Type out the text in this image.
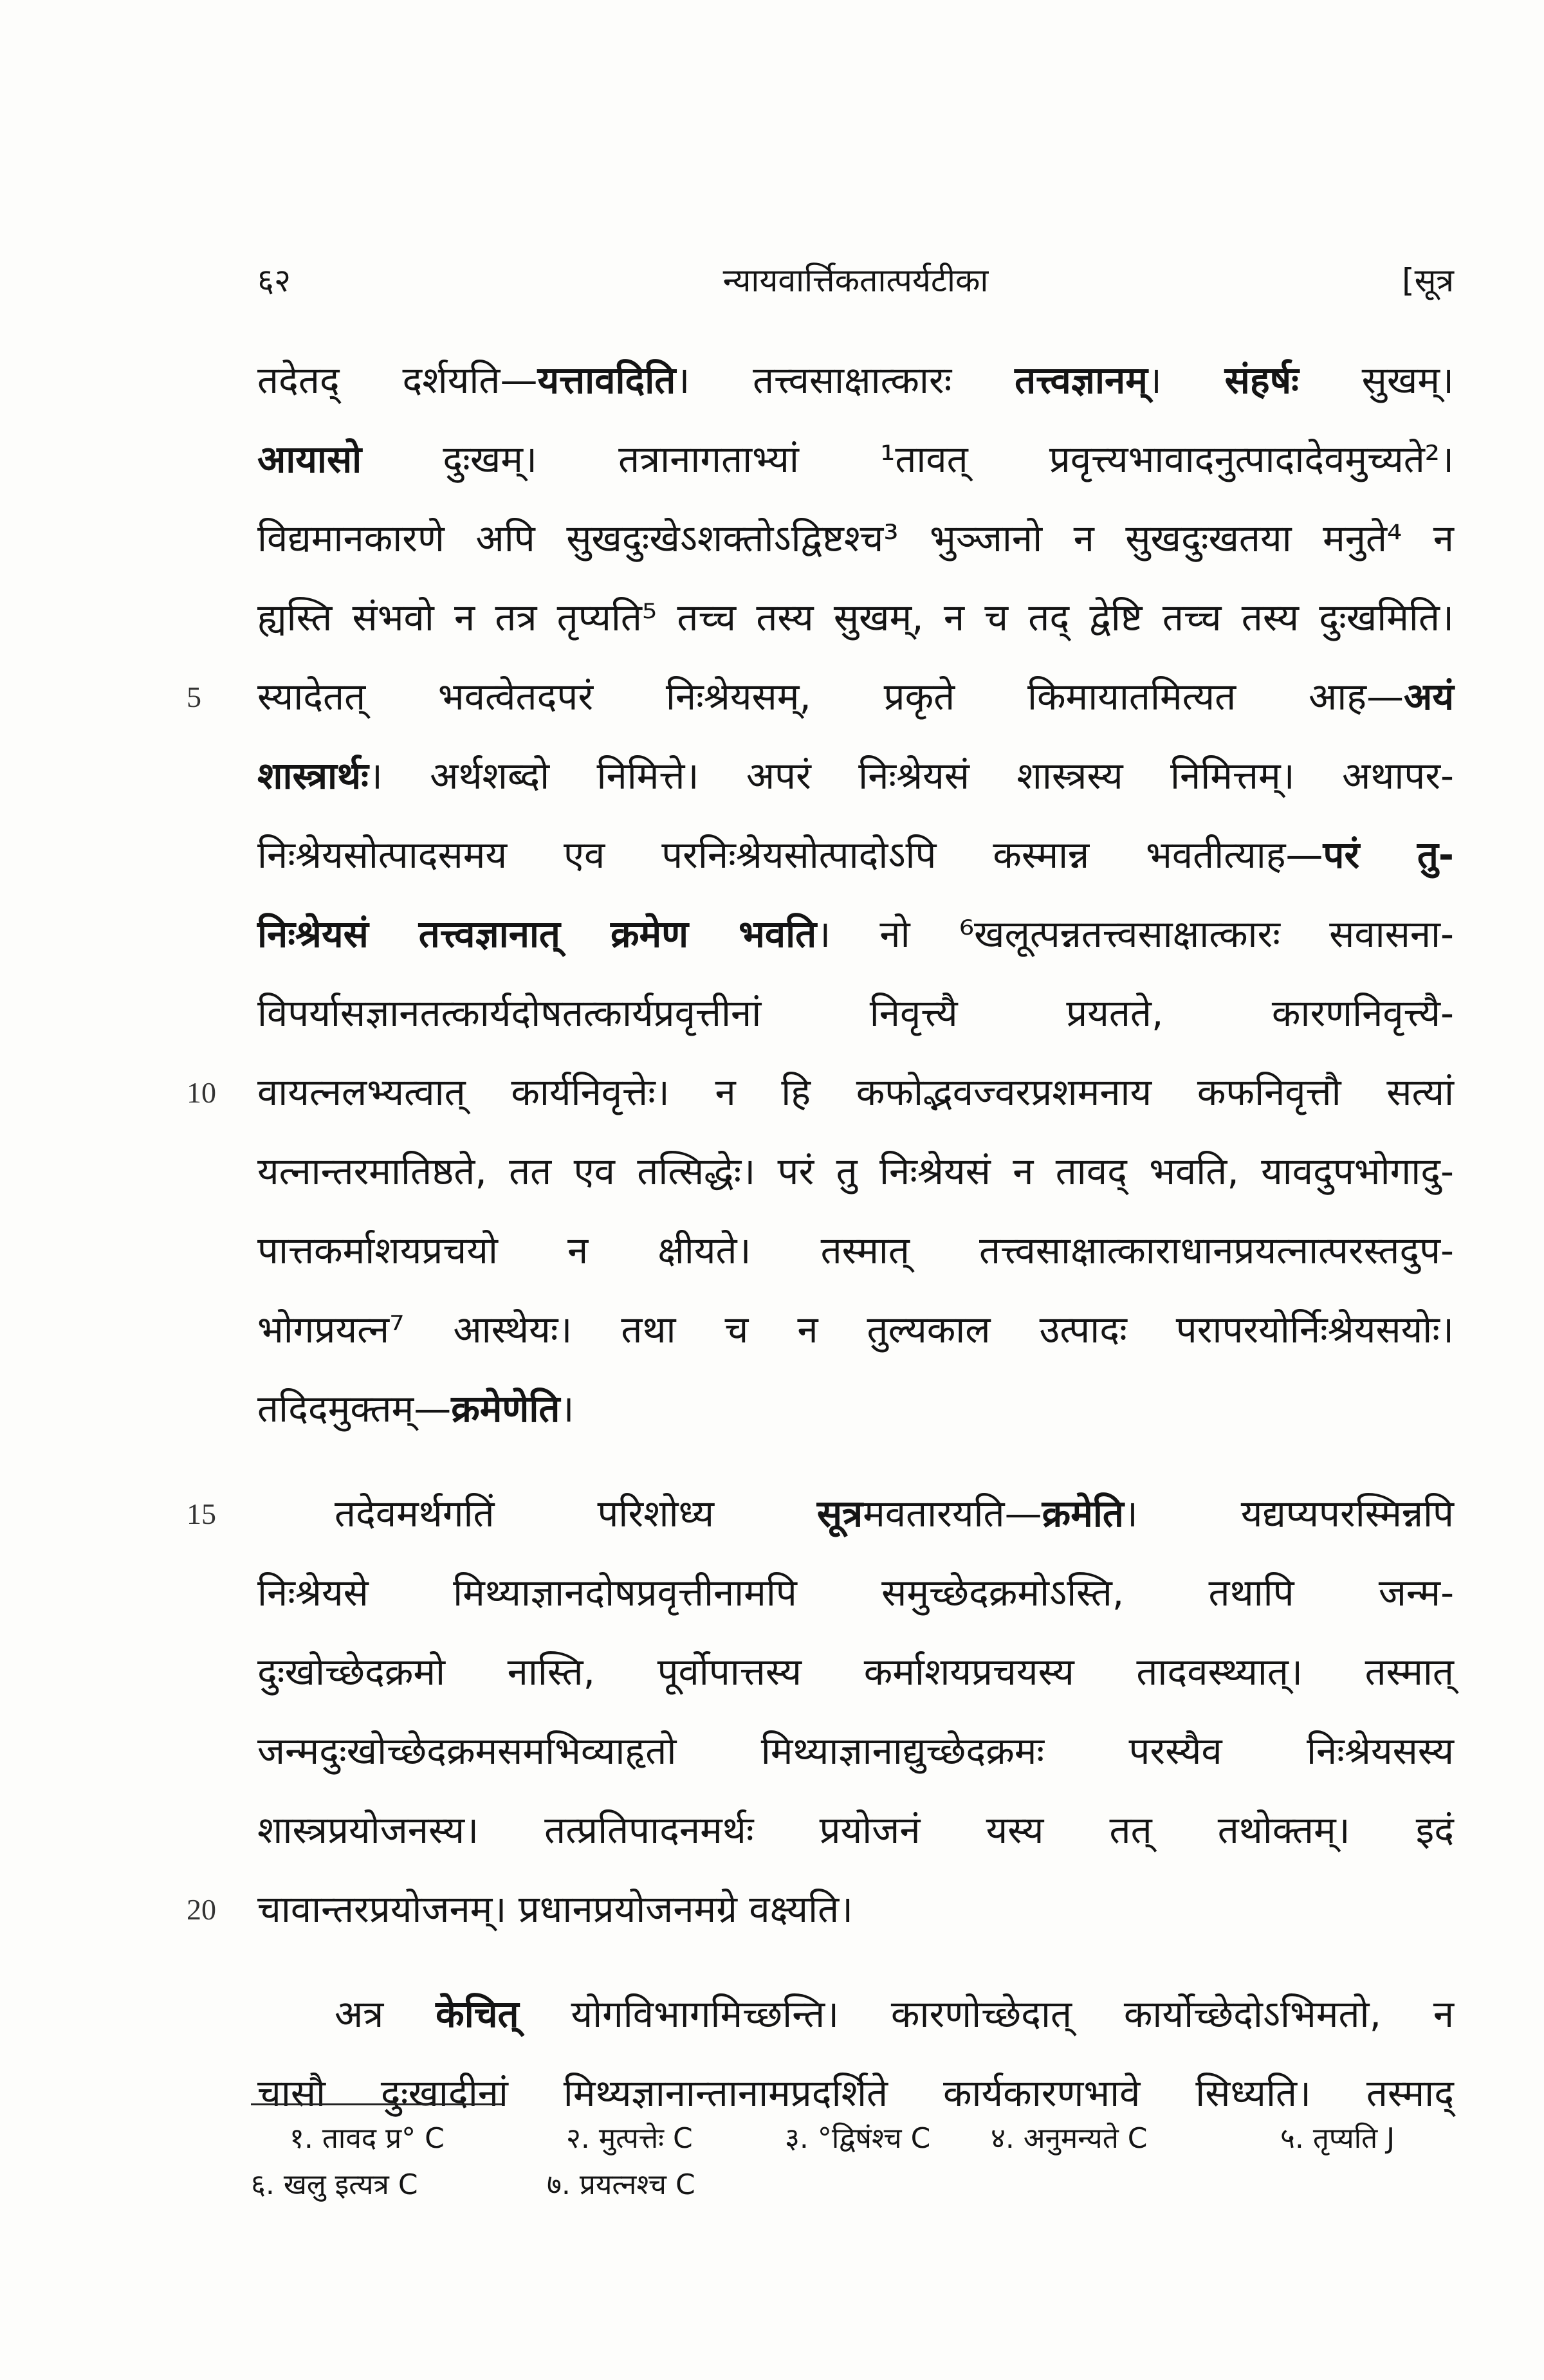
६२	न्यायवार्त्तिकतात्पर्यटीका	[सूत्र
तदेतद् दर्शयति—यत्तावदिति। तत्त्वसाक्षात्कारः तत्त्वज्ञानम्। संहर्षः सुखम्।
आयासो दुःखम्। तत्रानागताभ्यां ¹तावत् प्रवृत्त्यभावादनुत्पादादेवमुच्यते²।
विद्यमानकारणे अपि सुखदुःखेऽशक्तोऽद्विष्टश्च³ भुञ्जानो न सुखदुःखतया मनुते⁴ न
ह्यस्ति संभवो न तत्र तृप्यति⁵ तच्च तस्य सुखम्, न च तद् द्वेष्टि तच्च तस्य दुःखमिति।
5 स्यादेतत् भवत्वेतदपरं निःश्रेयसम्, प्रकृते किमायातमित्यत आह—अयं
शास्त्रार्थः। अर्थशब्दो निमित्ते। अपरं निःश्रेयसं शास्त्रस्य निमित्तम्। अथापर-
निःश्रेयसोत्पादसमय एव परनिःश्रेयसोत्पादोऽपि कस्मान्न भवतीत्याह—परं तु-
निःश्रेयसं तत्त्वज्ञानात् क्रमेण भवति। नो ⁶खलूत्पन्नतत्त्वसाक्षात्कारः सवासना-
विपर्यासज्ञानतत्कार्यदोषतत्कार्यप्रवृत्तीनां निवृत्त्यै प्रयतते, कारणनिवृत्त्यै-
10 वायत्नलभ्यत्वात् कार्यनिवृत्तेः। न हि कफोद्भवज्वरप्रशमनाय कफनिवृत्तौ सत्यां
यत्नान्तरमातिष्ठते, तत एव तत्सिद्धेः। परं तु निःश्रेयसं न तावद् भवति, यावदुपभोगादु-
पात्तकर्माशयप्रचयो न क्षीयते। तस्मात् तत्त्वसाक्षात्काराधानप्रयत्नात्परस्तदुप-
भोगप्रयत्न⁷ आस्थेयः। तथा च न तुल्यकाल उत्पादः परापरयोर्निःश्रेयसयोः।
तदिदमुक्तम्—क्रमेणेति।
15	तदेवमर्थगतिं परिशोध्य सूत्रमवतारयति—क्रमेति। यद्यप्यपरस्मिन्नपि
निःश्रेयसे मिथ्याज्ञानदोषप्रवृत्तीनामपि समुच्छेदक्रमोऽस्ति, तथापि जन्म-
दुःखोच्छेदक्रमो नास्ति, पूर्वोपात्तस्य कर्माशयप्रचयस्य तादवस्थ्यात्। तस्मात्
जन्मदुःखोच्छेदक्रमसमभिव्याहृतो मिथ्याज्ञानाद्युच्छेदक्रमः परस्यैव निःश्रेयसस्य
शास्त्रप्रयोजनस्य। तत्प्रतिपादनमर्थः प्रयोजनं यस्य तत् तथोक्तम्। इदं
20 चावान्तरप्रयोजनम्। प्रधानप्रयोजनमग्रे वक्ष्यति।
अत्र केचित् योगविभागमिच्छन्ति। कारणोच्छेदात् कार्योच्छेदोऽभिमतो, न
चासौ दुःखादीनां मिथ्यज्ञानान्तानामप्रदर्शिते कार्यकारणभावे सिध्यति। तस्माद्
१. तावद प्र° C	२. मुत्पत्तेः C	३. °द्विषंश्च C ४. अनुमन्यते C	५. तृप्यति J
६. खलु इत्यत्र C	७. प्रयत्नश्च C
